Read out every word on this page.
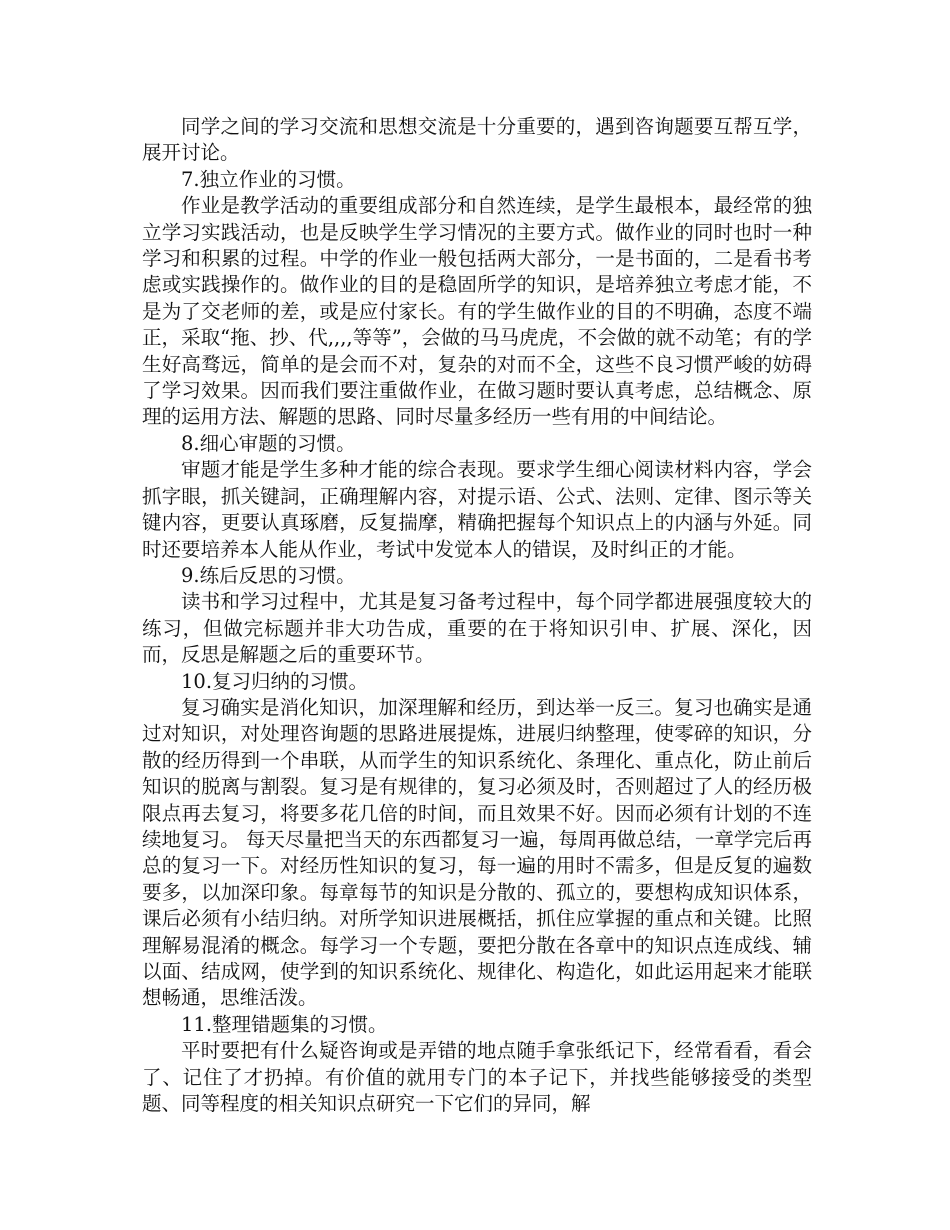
同学之间的学习交流和思想交流是十分重要的，遇到咨询题要互帮互学，展开讨论。

7.独立作业的习惯。

作业是教学活动的重要组成部分和自然连续，是学生最根本，最经常的独立学习实践活动，也是反映学生学习情况的主要方式。做作业的同时也时一种学习和积累的过程。中学的作业一般包括两大部分，一是书面的，二是看书考虑或实践操作的。做作业的目的是稳固所学的知识，是培养独立考虑才能，不是为了交老师的差，或是应付家长。有的学生做作业的目的不明确，态度不端正，采取“拖、抄、代,,,,等等”，会做的马马虎虎，不会做的就不动笔；有的学生好高骛远，简单的是会而不对，复杂的对而不全，这些不良习惯严峻的妨碍了学习效果。因而我们要注重做作业，在做习题时要认真考虑，总结概念、原理的运用方法、解题的思路、同时尽量多经历一些有用的中间结论。

8.细心审题的习惯。

审题才能是学生多种才能的综合表现。要求学生细心阅读材料内容，学会抓字眼，抓关键詞，正确理解内容，对提示语、公式、法则、定律、图示等关键内容，更要认真琢磨，反复揣摩，精确把握每个知识点上的内涵与外延。同时还要培养本人能从作业，考试中发觉本人的错误，及时纠正的才能。

9.练后反思的习惯。

读书和学习过程中，尤其是复习备考过程中，每个同学都进展强度较大的练习，但做完标题并非大功告成，重要的在于将知识引申、扩展、深化，因而，反思是解题之后的重要环节。

10.复习归纳的习惯。

复习确实是消化知识，加深理解和经历，到达举一反三。复习也确实是通过对知识，对处理咨询题的思路进展提炼，进展归纳整理，使零碎的知识，分散的经历得到一个串联，从而学生的知识系统化、条理化、重点化，防止前后知识的脱离与割裂。复习是有规律的，复习必须及时，否则超过了人的经历极限点再去复习，将要多花几倍的时间，而且效果不好。因而必须有计划的不连续地复习。 每天尽量把当天的东西都复习一遍，每周再做总结，一章学完后再总的复习一下。对经历性知识的复习，每一遍的用时不需多，但是反复的遍数要多，以加深印象。每章每节的知识是分散的、孤立的，要想构成知识体系，课后必须有小结归纳。对所学知识进展概括，抓住应掌握的重点和关键。比照理解易混淆的概念。每学习一个专题，要把分散在各章中的知识点连成线、辅以面、结成网，使学到的知识系统化、规律化、构造化，如此运用起来才能联想畅通，思维活泼。

11.整理错题集的习惯。

平时要把有什么疑咨询或是弄错的地点随手拿张纸记下，经常看看，看会了、记住了才扔掉。有价值的就用专门的本子记下，并找些能够接受的类型题、同等程度的相关知识点研究一下它们的异同，解
